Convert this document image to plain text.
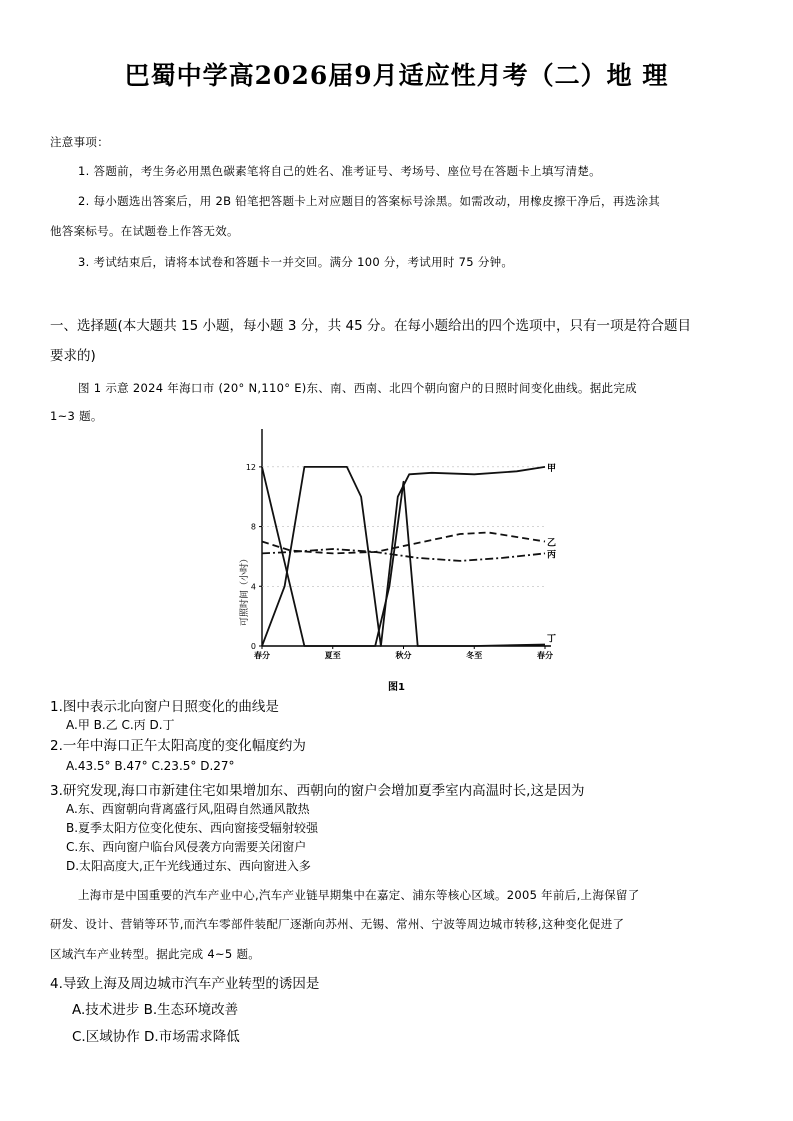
巴蜀中学高2026届9月适应性月考（二）地 理
注意事项：
1. 答题前，考生务必用黑色碳素笔将自己的姓名、准考证号、考场号、座位号在答题卡上填写清楚。
2. 每小题选出答案后，用 2B 铅笔把答题卡上对应题目的答案标号涂黑。如需改动，用橡皮擦干净后，再选涂其
他答案标号。在试题卷上作答无效。
3. 考试结束后，请将本试卷和答题卡一并交回。满分 100 分，考试用时 75 分钟。
一、选择题(本大题共 15 小题，每小题 3 分，共 45 分。在每小题给出的四个选项中，只有一项是符合题目
要求的)
图 1 示意 2024 年海口市 (20° N,110° E)东、南、西南、北四个朝向窗户的日照时间变化曲线。据此完成
1~3 题。
0
4
8
12
春分	夏至	秋分	冬至	春分
甲
乙
丙
丁
可照时间（小时）
图1
1.图中表示北向窗户日照变化的曲线是
A.甲 B.乙 C.丙 D.丁
2.一年中海口正午太阳高度的变化幅度约为
A.43.5° B.47° C.23.5° D.27°
3.研究发现,海口市新建住宅如果增加东、西朝向的窗户会增加夏季室内高温时长,这是因为
A.东、西窗朝向背离盛行风,阻碍自然通风散热
B.夏季太阳方位变化使东、西向窗接受辐射较强
C.东、西向窗户临台风侵袭方向需要关闭窗户
D.太阳高度大,正午光线通过东、西向窗进入多
上海市是中国重要的汽车产业中心,汽车产业链早期集中在嘉定、浦东等核心区域。2005 年前后,上海保留了
研发、设计、营销等环节,而汽车零部件装配厂逐渐向苏州、无锡、常州、宁波等周边城市转移,这种变化促进了
区域汽车产业转型。据此完成 4~5 题。
4.导致上海及周边城市汽车产业转型的诱因是
A.技术进步 B.生态环境改善
C.区域协作 D.市场需求降低
